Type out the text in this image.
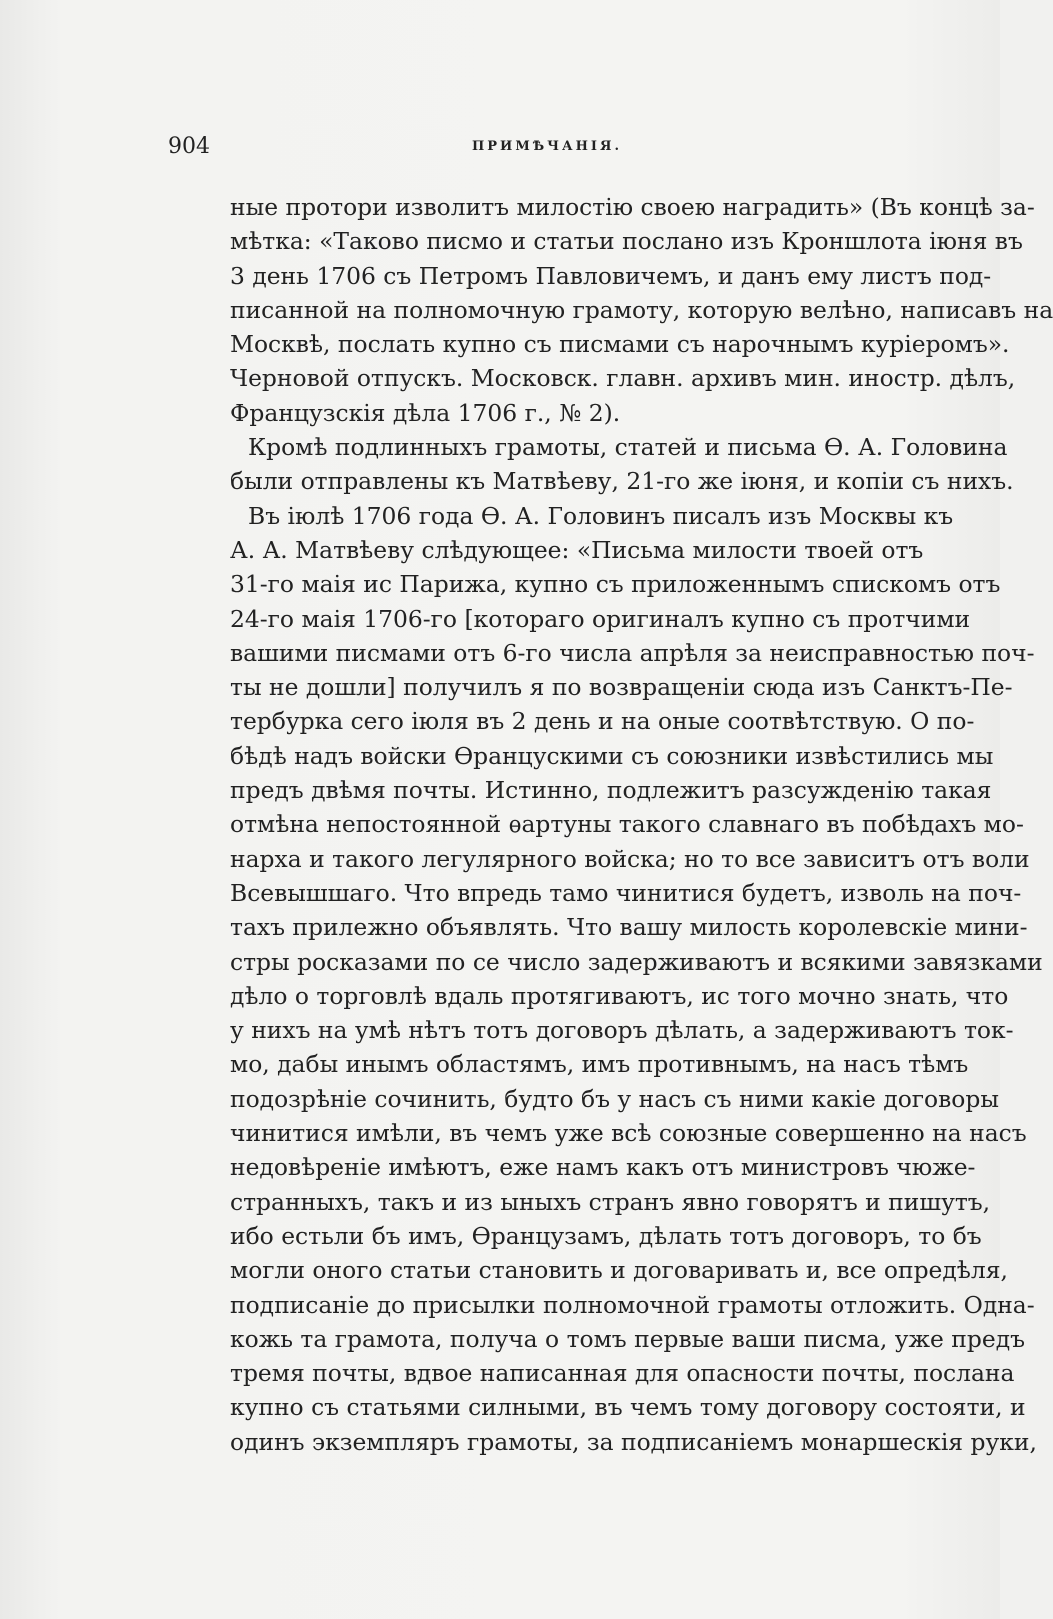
904	ПРИМѢЧАНІЯ.

ные протори изволитъ милостію своею наградить» (Въ концѣ за-
мѣтка: «Таково писмо и статьи послано изъ Кроншлота іюня въ
3 день 1706 съ Петромъ Павловичемъ, и данъ ему листъ под-
писанной на полномочную грамоту, которую велѣно, написавъ на
Москвѣ, послать купно съ писмами съ нарочнымъ куріеромъ».
Черновой отпускъ. Московск. главн. архивъ мин. иностр. дѣлъ,
Французскія дѣла 1706 г., № 2).

Кромѣ подлинныхъ грамоты, статей и письма Ѳ. А. Головина
были отправлены къ Матвѣеву, 21-го же іюня, и копіи съ нихъ.

Въ іюлѣ 1706 года Ѳ. А. Головинъ писалъ изъ Москвы къ
А. А. Матвѣеву слѣдующее: «Письма милости твоей отъ
31-го маія ис Парижа, купно съ приложеннымъ спискомъ отъ
24-го маія 1706-го [котораго оригиналъ купно съ протчими
вашими писмами отъ 6-го числа апрѣля за неисправностью поч-
ты не дошли] получилъ я по возвращеніи сюда изъ Санктъ-Пе-
тербурка сего іюля въ 2 день и на оные соотвѣтствую. О по-
бѣдѣ надъ войски Ѳранцускими съ союзники извѣстились мы
предъ двѣмя почты. Истинно, подлежитъ разсужденію такая
отмѣна непостоянной ѳартуны такого славнаго въ побѣдахъ мо-
нарха и такого легулярного войска; но то все зависитъ отъ воли
Всевышшаго. Что впредь тамо чинитися будетъ, изволь на поч-
тахъ прилежно объявлять. Что вашу милость королевскіе мини-
стры росказами по се число задерживаютъ и всякими завязками
дѣло о торговлѣ вдаль протягиваютъ, ис того мочно знать, что
у нихъ на умѣ нѣтъ тотъ договоръ дѣлать, а задерживаютъ ток-
мо, дабы инымъ областямъ, имъ противнымъ, на насъ тѣмъ
подозрѣніе сочинить, будто бъ у насъ съ ними какіе договоры
чинитися имѣли, въ чемъ уже всѣ союзные совершенно на насъ
недовѣреніе имѣютъ, еже намъ какъ отъ министровъ чюже-
странныхъ, такъ и из ыныхъ странъ явно говорятъ и пишутъ,
ибо естьли бъ имъ, Ѳранцузамъ, дѣлать тотъ договоръ, то бъ
могли оного статьи становить и договаривать и, все опредѣля,
подписаніе до присылки полномочной грамоты отложить. Одна-
кожь та грамота, получа о томъ первые ваши писма, уже предъ
тремя почты, вдвое написанная для опасности почты, послана
купно съ статьями силными, въ чемъ тому договору состояти, и
одинъ экземпляръ грамоты, за подписаніемъ монаршескія руки,
